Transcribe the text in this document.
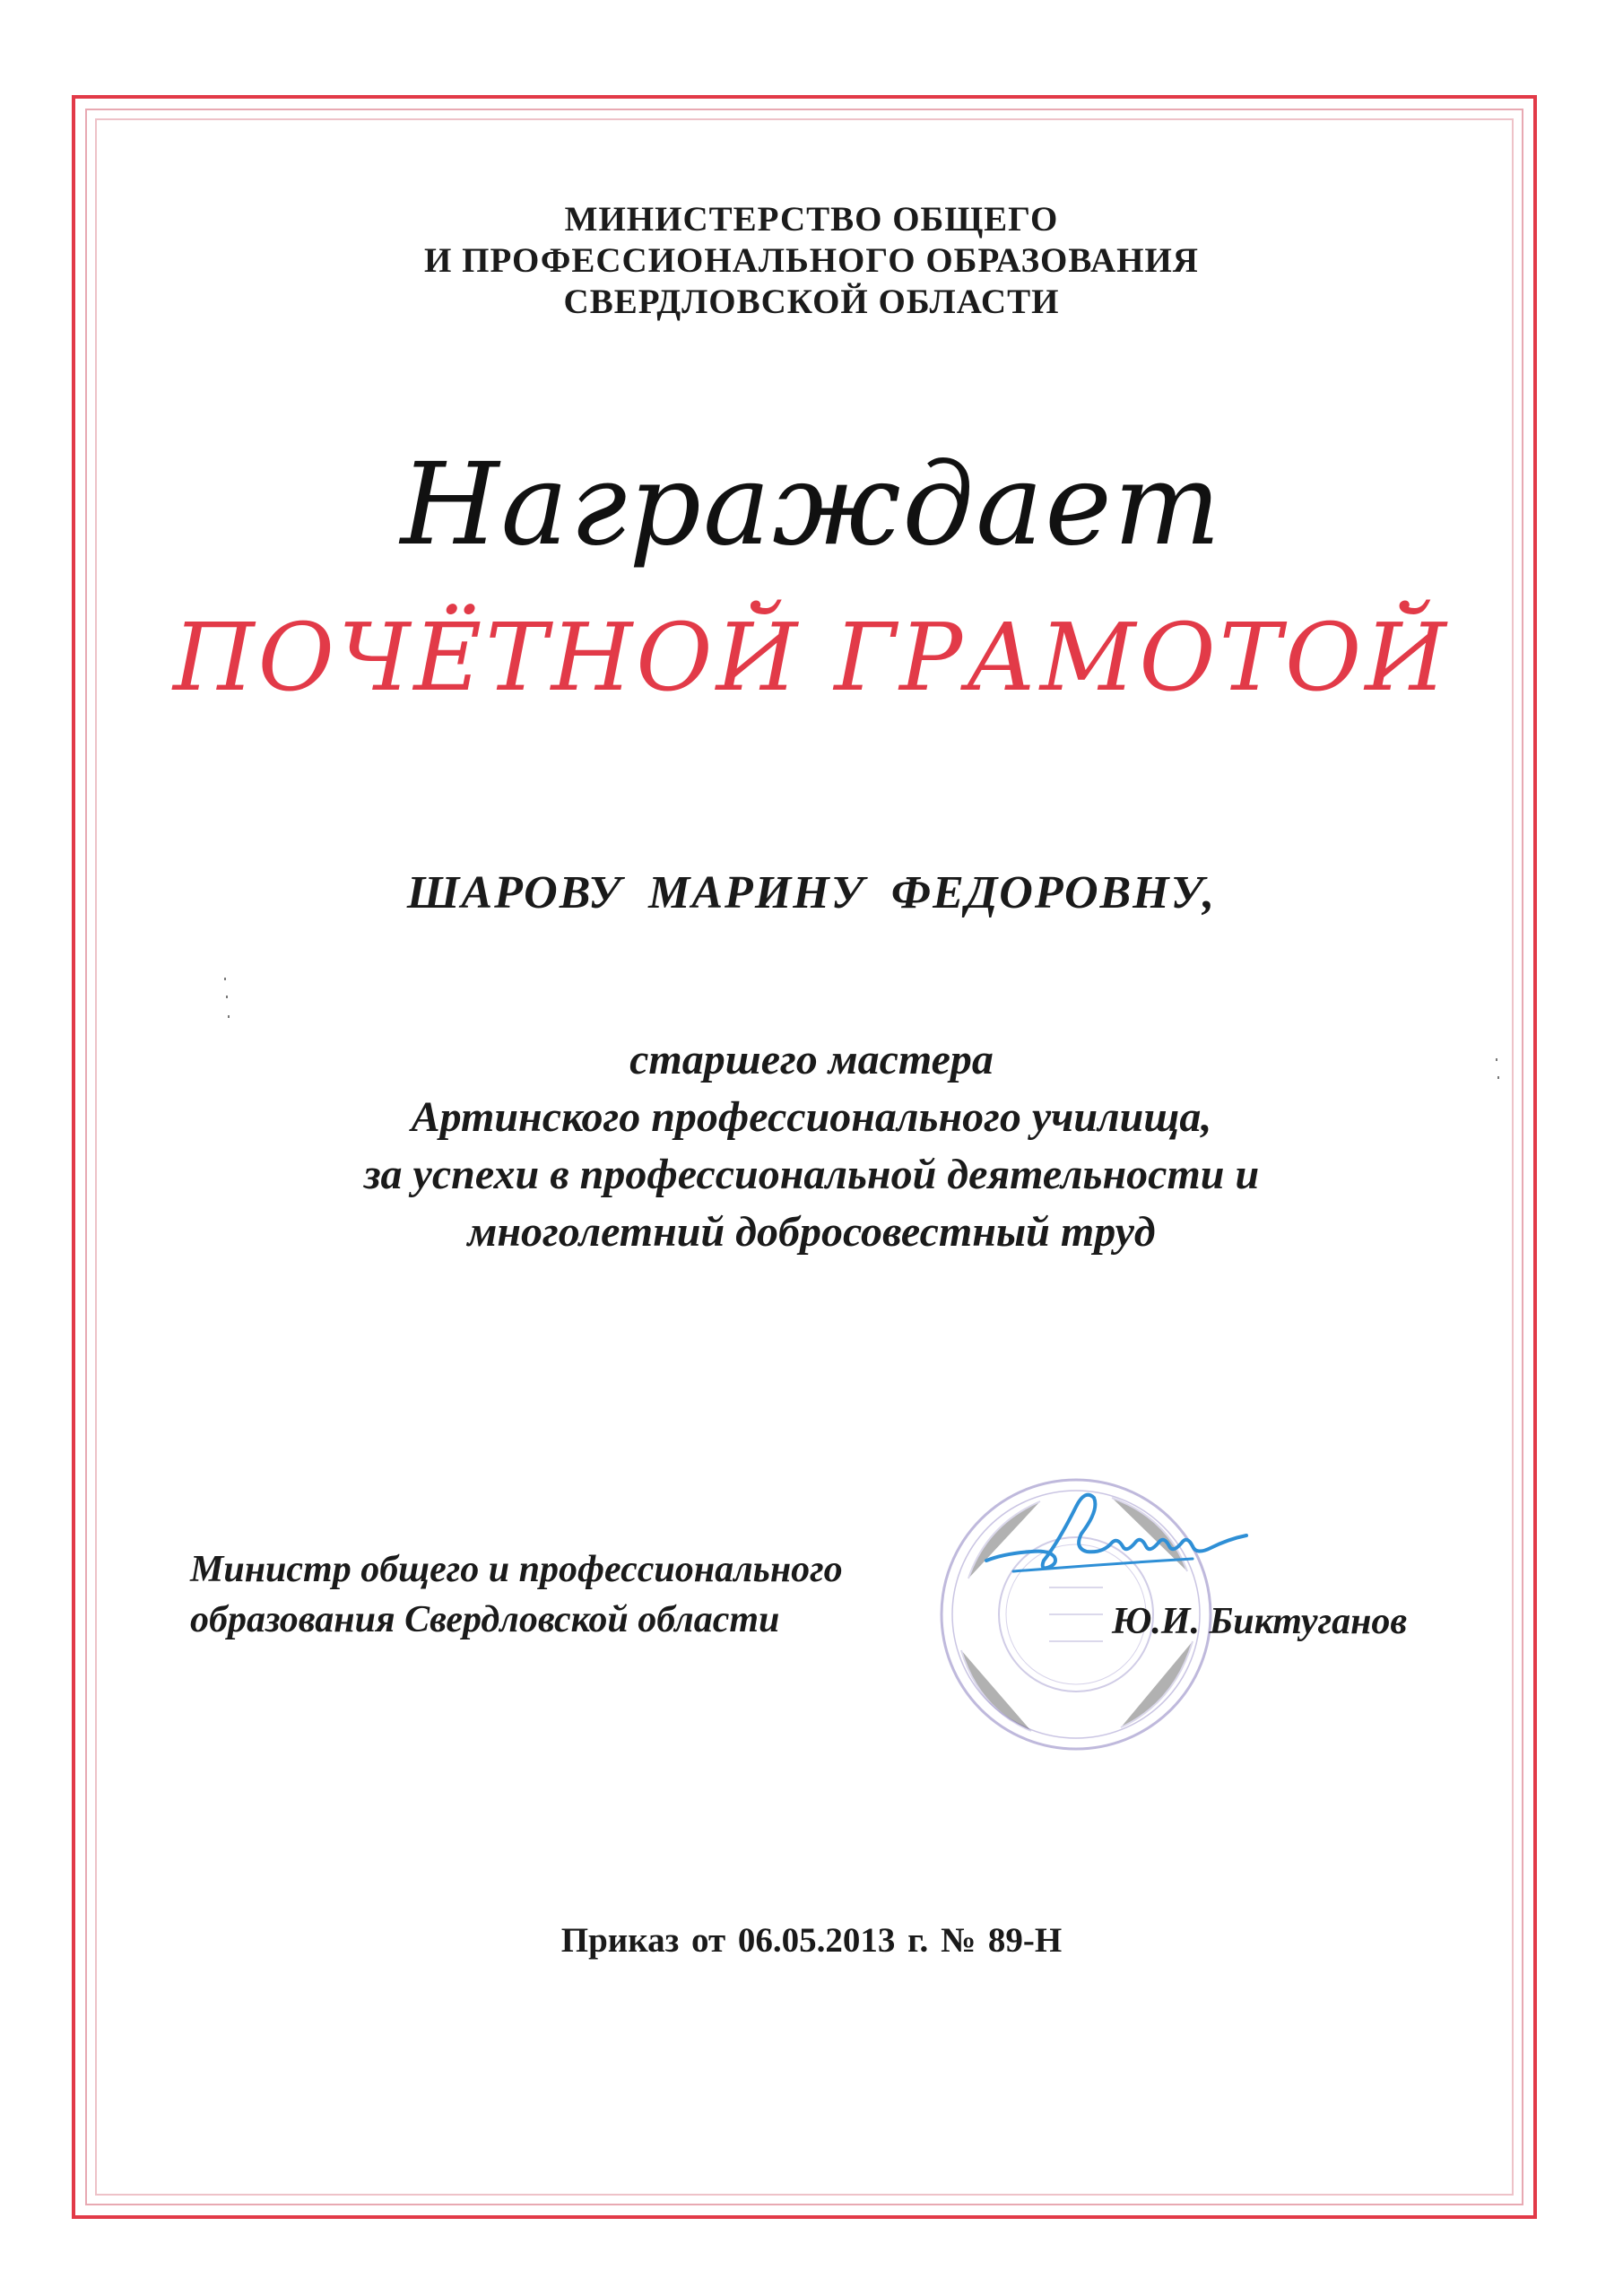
МИНИСТЕРСТВО ОБЩЕГО
И ПРОФЕССИОНАЛЬНОГО ОБРАЗОВАНИЯ
СВЕРДЛОВСКОЙ ОБЛАСТИ
Награждает
ПОЧЁТНОЙ ГРАМОТОЙ
ШАРОВУ МАРИНУ ФЕДОРОВНУ,
старшего мастера
Артинского профессионального училища,
за успехи в профессиональной деятельности и
многолетний добросовестный труд
Министр общего и профессионального
образования Свердловской области	Ю.И. Биктуганов
Приказ от 06.05.2013 г. № 89-Н
